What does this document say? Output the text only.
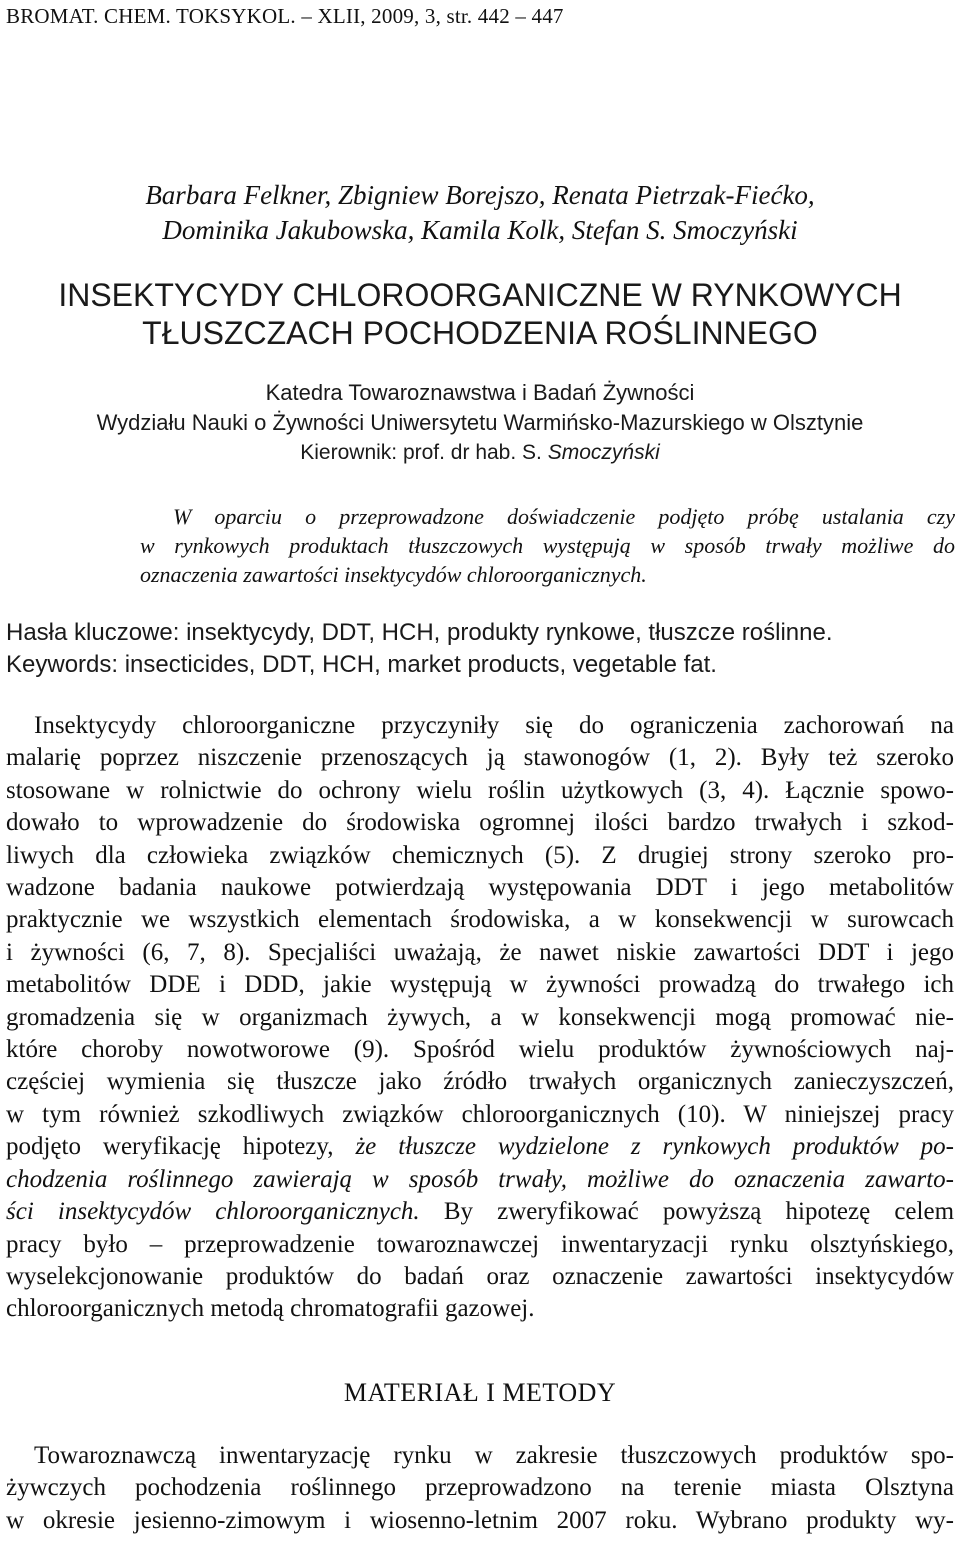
BROMAT. CHEM. TOKSYKOL. – XLII, 2009, 3, str. 442 – 447
Barbara Felkner, Zbigniew Borejszo, Renata Pietrzak-Fiećko,
Dominika Jakubowska, Kamila Kolk, Stefan S. Smoczyński
INSEKTYCYDY CHLOROORGANICZNE W RYNKOWYCH
TŁUSZCZACH POCHODZENIA ROŚLINNEGO
Katedra Towaroznawstwa i Badań Żywności
Wydziału Nauki o Żywności Uniwersytetu Warmińsko-Mazurskiego w Olsztynie
Kierownik: prof. dr hab. S. Smoczyński
W oparciu o przeprowadzone doświadczenie podjęto próbę ustalania czy
w rynkowych produktach tłuszczowych występują w sposób trwały możliwe do
oznaczenia zawartości insektycydów chloroorganicznych.
Hasła kluczowe: insektycydy, DDT, HCH, produkty rynkowe, tłuszcze roślinne.
Keywords: insecticides, DDT, HCH, market products, vegetable fat.
Insektycydy chloroorganiczne przyczyniły się do ograniczenia zachorowań na
malarię poprzez niszczenie przenoszących ją stawonogów (1, 2). Były też szeroko
stosowane w rolnictwie do ochrony wielu roślin użytkowych (3, 4). Łącznie spowo-
dowało to wprowadzenie do środowiska ogromnej ilości bardzo trwałych i szkod-
liwych dla człowieka związków chemicznych (5). Z drugiej strony szeroko pro-
wadzone badania naukowe potwierdzają występowania DDT i jego metabolitów
praktycznie we wszystkich elementach środowiska, a w konsekwencji w surowcach
i żywności (6, 7, 8). Specjaliści uważają, że nawet niskie zawartości DDT i jego
metabolitów DDE i DDD, jakie występują w żywności prowadzą do trwałego ich
gromadzenia się w organizmach żywych, a w konsekwencji mogą promować nie-
które choroby nowotworowe (9). Spośród wielu produktów żywnościowych naj-
częściej wymienia się tłuszcze jako źródło trwałych organicznych zanieczyszczeń,
w tym również szkodliwych związków chloroorganicznych (10). W niniejszej pracy
podjęto weryfikację hipotezy, że tłuszcze wydzielone z rynkowych produktów po-
chodzenia roślinnego zawierają w sposób trwały, możliwe do oznaczenia zawarto-
ści insektycydów chloroorganicznych. By zweryfikować powyższą hipotezę celem
pracy było – przeprowadzenie towaroznawczej inwentaryzacji rynku olsztyńskiego,
wyselekcjonowanie produktów do badań oraz oznaczenie zawartości insektycydów
chloroorganicznych metodą chromatografii gazowej.
MATERIAŁ I METODY
Towaroznawczą inwentaryzację rynku w zakresie tłuszczowych produktów spo-
żywczych pochodzenia roślinnego przeprowadzono na terenie miasta Olsztyna
w okresie jesienno-zimowym i wiosenno-letnim 2007 roku. Wybrano produkty wy-
